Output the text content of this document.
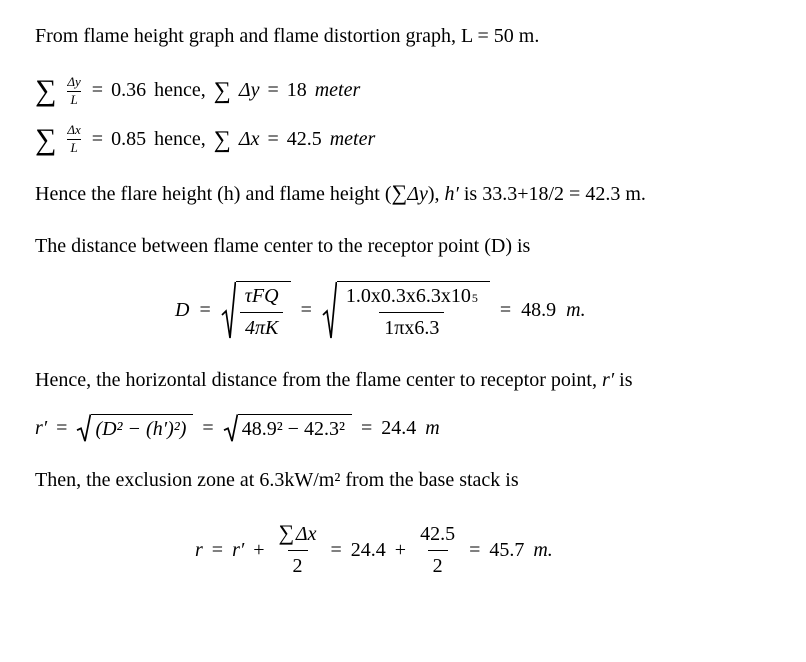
From flame height graph and flame distortion graph, L = 50 m.

∑ $\frac{\Delta y}{L} = 0.36$ hence, ∑ Δy = 18 meter
∑ $\frac{\Delta x}{L} = 0.85$ hence, ∑ Δx = 42.5 meter

Hence the flare height (h) and flame height (∑Δy), h′ is 33.3+18/2 = 42.3 m.

The distance between flame center to the receptor point (D) is

$D = \frac{\text{τFQ}}{4\pi K} = \frac{1.0x0.3x6.3x10 5}{1\pi x6.3} = 48.9$ m.

Hence, the horizontal distance from the flame center to receptor point, r′ is

r′ = (D² − (h′)²) = 48.9² − 42.3² = 24.4 m

Then, the exclusion zone at 6.3kW/m² from the base stack is

r = r′ + ∑
  Δx
$2 = 24.4 + \frac{42.5}{2} = 45.7$ m.
